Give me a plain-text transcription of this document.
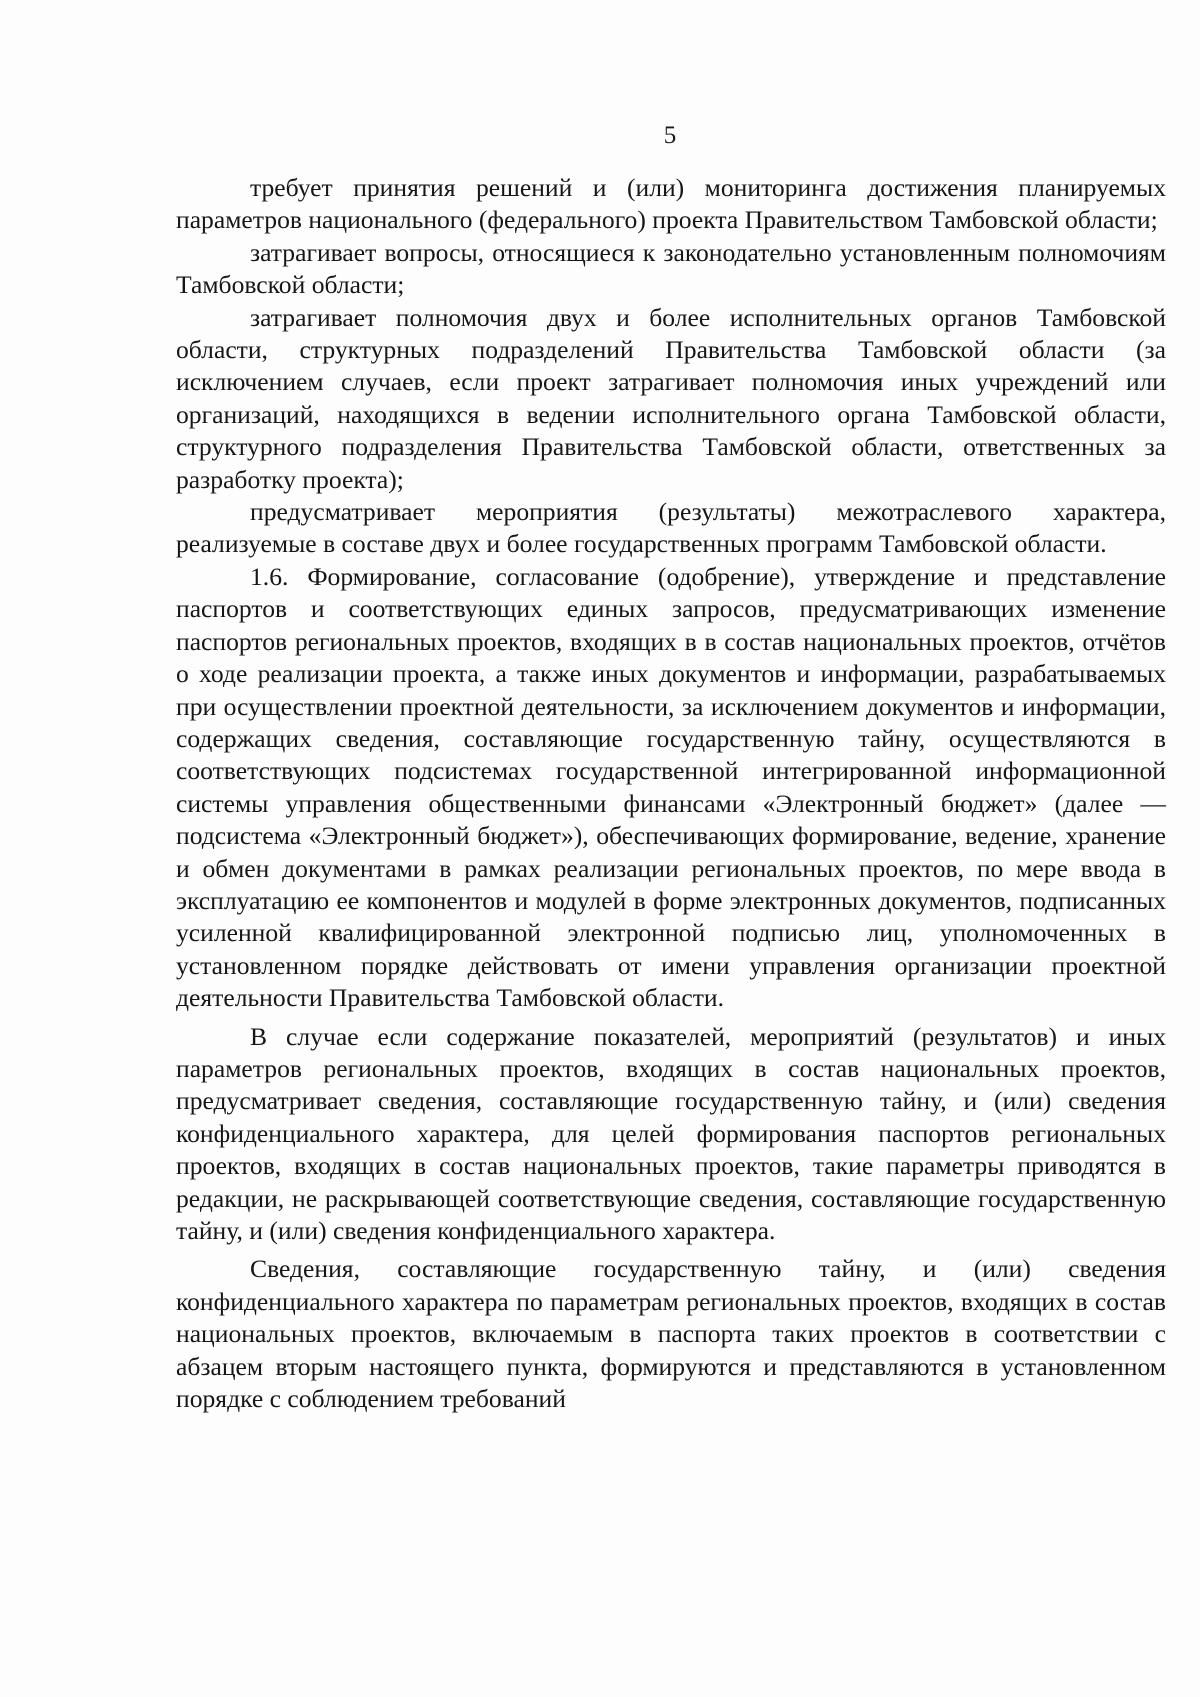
5

требует принятия решений и (или) мониторинга достижения планируемых параметров национального (федерального) проекта Правительством Тамбовской области;

затрагивает вопросы, относящиеся к законодательно установленным полномочиям Тамбовской области;

затрагивает полномочия двух и более исполнительных органов Тамбовской области, структурных подразделений Правительства Тамбовской области (за исключением случаев, если проект затрагивает полномочия иных учреждений или организаций, находящихся в ведении исполнительного органа Тамбовской области, структурного подразделения Правительства Тамбовской области, ответственных за разработку проекта);

предусматривает мероприятия (результаты) межотраслевого характера, реализуемые в составе двух и более государственных программ Тамбовской области.

1.6. Формирование, согласование (одобрение), утверждение и представление паспортов и соответствующих единых запросов, предусматривающих изменение паспортов региональных проектов, входящих в в состав национальных проектов, отчётов о ходе реализации проекта, а также иных документов и информации, разрабатываемых при осуществлении проектной деятельности, за исключением документов и информации, содержащих сведения, составляющие государственную тайну, осуществляются в соответствующих подсистемах государственной интегрированной информационной системы управления общественными финансами «Электронный бюджет» (далее — подсистема «Электронный бюджет»), обеспечивающих формирование, ведение, хранение и обмен документами в рамках реализации региональных проектов, по мере ввода в эксплуатацию ее компонентов и модулей в форме электронных документов, подписанных усиленной квалифицированной электронной подписью лиц, уполномоченных в установленном порядке действовать от имени управления организации проектной деятельности Правительства Тамбовской области.

В случае если содержание показателей, мероприятий (результатов) и иных параметров региональных проектов, входящих в состав национальных проектов, предусматривает сведения, составляющие государственную тайну, и (или) сведения конфиденциального характера, для целей формирования паспортов региональных проектов, входящих в состав национальных проектов, такие параметры приводятся в редакции, не раскрывающей соответствующие сведения, составляющие государственную тайну, и (или) сведения конфиденциального характера.

Сведения, составляющие государственную тайну, и (или) сведения конфиденциального характера по параметрам региональных проектов, входящих в состав национальных проектов, включаемым в паспорта таких проектов в соответствии с абзацем вторым настоящего пункта, формируются и представляются в установленном порядке с соблюдением требований
